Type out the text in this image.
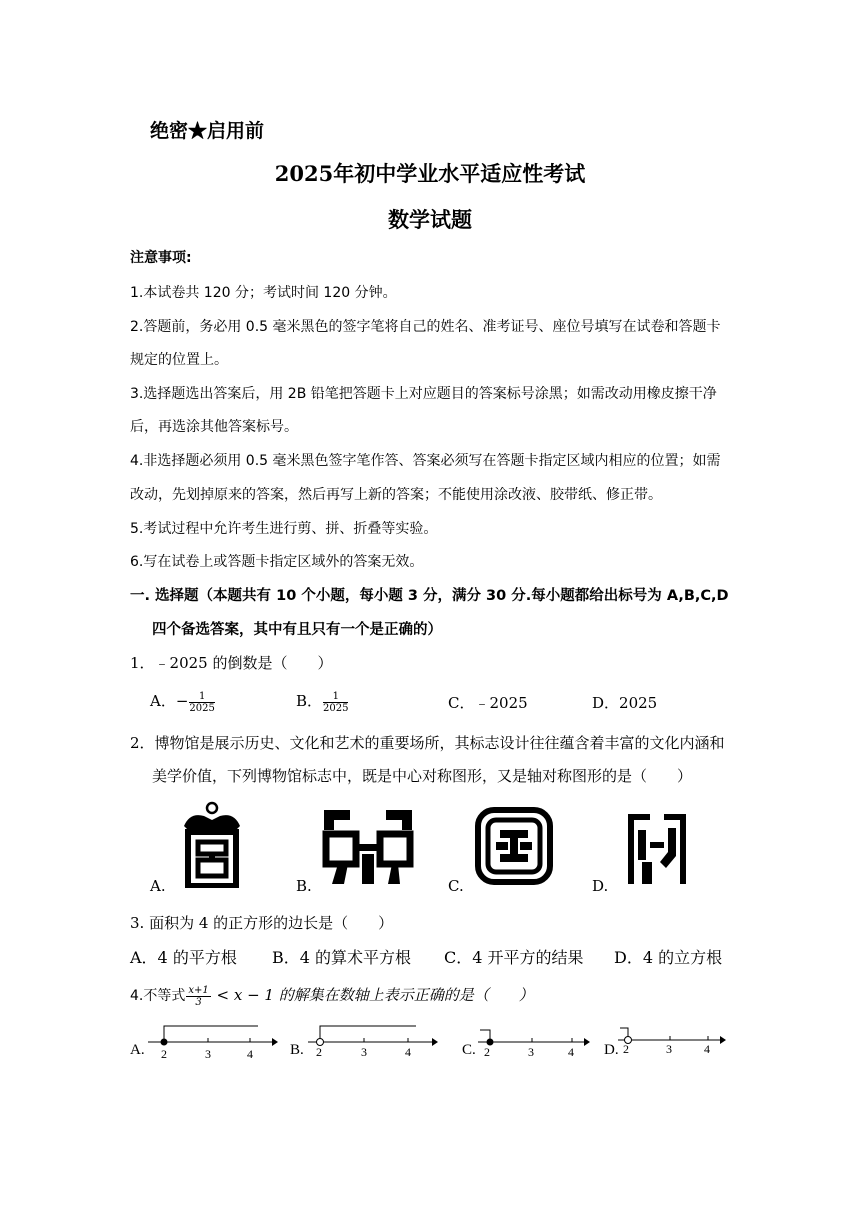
绝密★启用前
2025年初中学业水平适应性考试
数学试题
注意事项:
1.本试卷共 120 分；考试时间 120 分钟。
2.答题前，务必用 0.5 毫米黑色的签字笔将自己的姓名、准考证号、座位号填写在试卷和答题卡
规定的位置上。
3.选择题选出答案后，用 2B 铅笔把答题卡上对应题目的答案标号涂黑；如需改动用橡皮擦干净
后，再选涂其他答案标号。
4.非选择题必须用 0.5 毫米黑色签字笔作答、答案必须写在答题卡指定区域内相应的位置；如需
改动，先划掉原来的答案，然后再写上新的答案；不能使用涂改液、胶带纸、修正带。
5.考试过程中允许考生进行剪、拼、折叠等实验。
6.写在试卷上或答题卡指定区域外的答案无效。
一. 选择题（本题共有 10 个小题，每小题 3 分，满分 30 分.每小题都给出标号为 A,B,C,D
四个备选答案，其中有且只有一个是正确的）
1．﹣2025 的倒数是（　　）
A．− $\frac{1}{2025}$	B． $\frac{1}{2025}$	C．﹣2025	D．2025
2．博物馆是展示历史、文化和艺术的重要场所，其标志设计往往蕴含着丰富的文化内涵和
美学价值，下列博物馆标志中，既是中心对称图形，又是轴对称图形的是（　　）
A.	B.	C.	D.
3. 面积为 4 的正方形的边长是（　　）
A．4 的平方根 B．4 的算术平方根 C．4 开平方的结果 D．4 的立方根
4.不等式 $\frac{x+1}{3} < x - 1$ 的解集在数轴上表示正确的是（　　）
A. 2	3	4 B. 2	3	4	C. 2	3	4 D. 2	3	4
